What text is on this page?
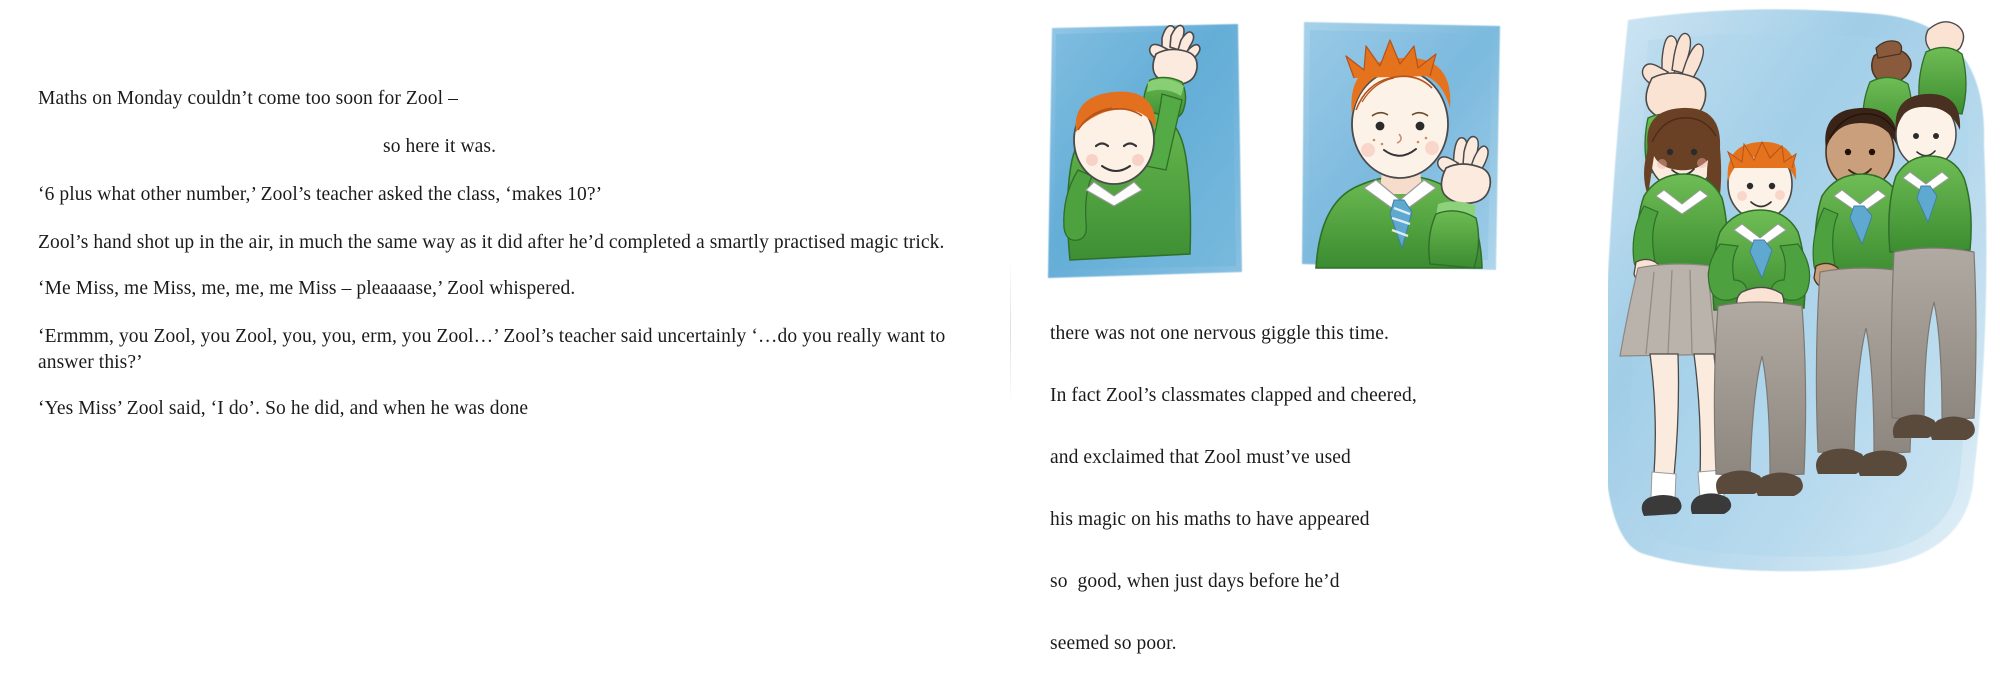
Maths on Monday couldn’t come too soon for Zool –

so here it was.

‘6 plus what other number,’ Zool’s teacher asked the class, ‘makes 10?’

Zool’s hand shot up in the air, in much the same way as it did after he’d completed a smartly practised magic trick.

‘Me Miss, me Miss, me, me, me Miss – pleaaaase,’ Zool whispered.

‘Ermmm, you Zool, you Zool, you, you, erm, you Zool…’ Zool’s teacher said uncertainly ‘…do you really want to answer this?’

‘Yes Miss’ Zool said, ‘I do’. So he did, and when he was done

there was not one nervous giggle this time.

In fact Zool’s classmates clapped and cheered,

and exclaimed that Zool must’ve used

his magic on his maths to have appeared

so  good, when just days before he’d

seemed so poor.
